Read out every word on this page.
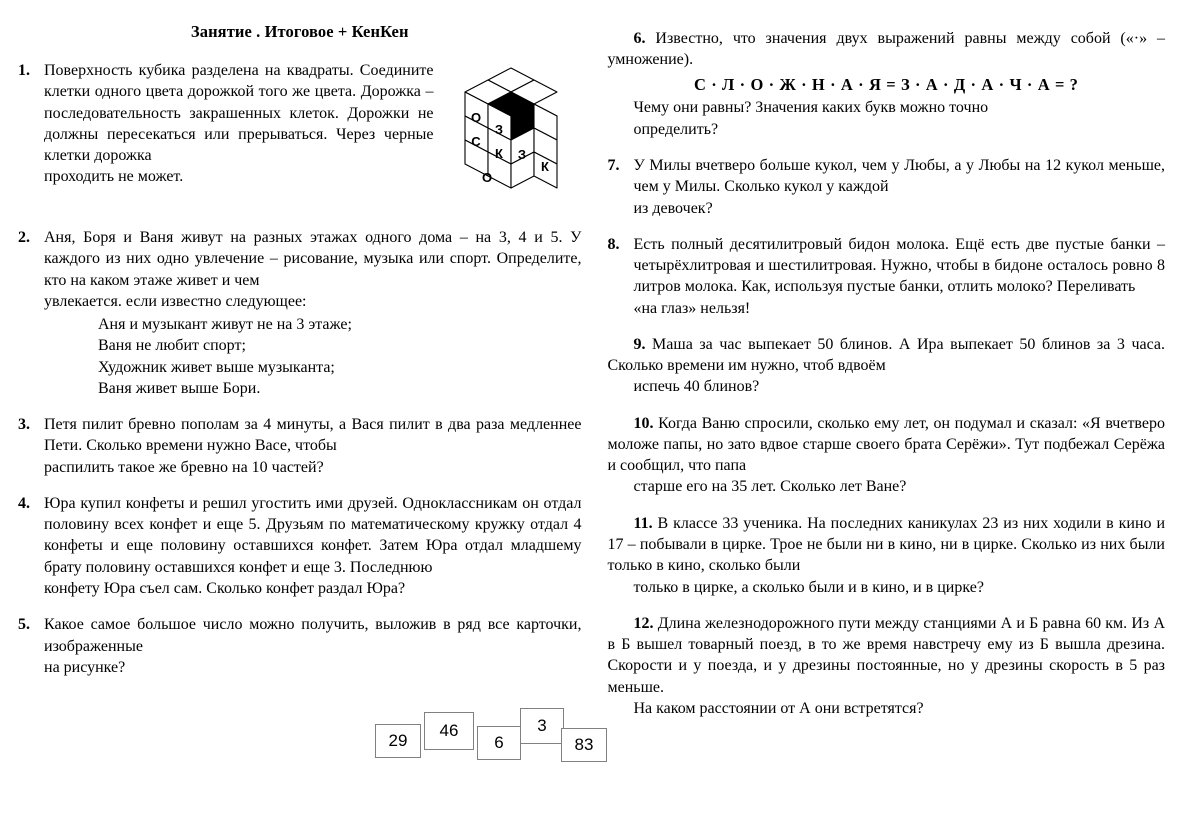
Занятие . Итоговое + КенКен
1.
О
З
С
К
О
З
К
Поверхность кубика разделена на квадраты. Соедините клетки одного цвета дорожкой того же цвета. Дорожка – последовательность закрашенных клеток. Дорожки не должны пересекаться или прерываться. Через черные клетки дорожка
проходить не может.
2. Аня, Боря и Ваня живут на разных этажах одного дома – на 3, 4 и 5. У каждого из них одно увлечение – рисование, музыка или спорт. Определите, кто на каком этаже живет и чем
увлекается. если известно следующее:
Аня и музыкант живут не на 3 этаже;
Ваня не любит спорт;
Художник живет выше музыканта;
Ваня живет выше Бори.
3. Петя пилит бревно пополам за 4 минуты, а Вася пилит в два раза медленнее Пети. Сколько времени нужно Васе, чтобы
распилить такое же бревно на 10 частей?
4. Юра купил конфеты и решил угостить ими друзей. Одноклассникам он отдал половину всех конфет и еще 5. Друзьям по математическому кружку отдал 4 конфеты и еще половину оставшихся конфет. Затем Юра отдал младшему брату половину оставшихся конфет и еще 3. Последнюю
конфету Юра съел сам. Сколько конфет раздал Юра?
5. Какое самое большое число можно получить, выложив в ряд все карточки, изображенные
на рисунке?
6. Известно, что значения двух выражений равны между собой («·» – умножение).
С · Л · О · Ж · Н · А · Я = З · А · Д · А · Ч · А = ?
Чему они равны? Значения каких букв можно точно
определить?
7. У Милы вчетверо больше кукол, чем у Любы, а у Любы на 12 кукол меньше, чем у Милы. Сколько кукол у каждой
из девочек?
8. Есть полный десятилитровый бидон молока. Ещё есть две пустые банки – четырёхлитровая и шестилитровая. Нужно, чтобы в бидоне осталось ровно 8 литров молока. Как, используя пустые банки, отлить молоко? Переливать
«на глаз» нельзя!
9. Маша за час выпекает 50 блинов. А Ира выпекает 50 блинов за 3 часа. Сколько времени им нужно, чтоб вдвоём
испечь 40 блинов?
10. Когда Ваню спросили, сколько ему лет, он подумал и сказал: «Я вчетверо моложе папы, но зато вдвое старше своего брата Серёжи». Тут подбежал Серёжа и сообщил, что папа
старше его на 35 лет. Сколько лет Ване?
11. В классе 33 ученика. На последних каникулах 23 из них ходили в кино и 17 – побывали в цирке. Трое не были ни в кино, ни в цирке. Сколько из них были только в кино, сколько были
только в цирке, а сколько были и в кино, и в цирке?
12. Длина железнодорожного пути между станциями А и Б равна 60 км. Из А в Б вышел товарный поезд, в то же время навстречу ему из Б вышла дрезина. Скорости и у поезда, и у дрезины постоянные, но у дрезины скорость в 5 раз меньше.
На каком расстоянии от А они встретятся?
29
46
6
3
83
